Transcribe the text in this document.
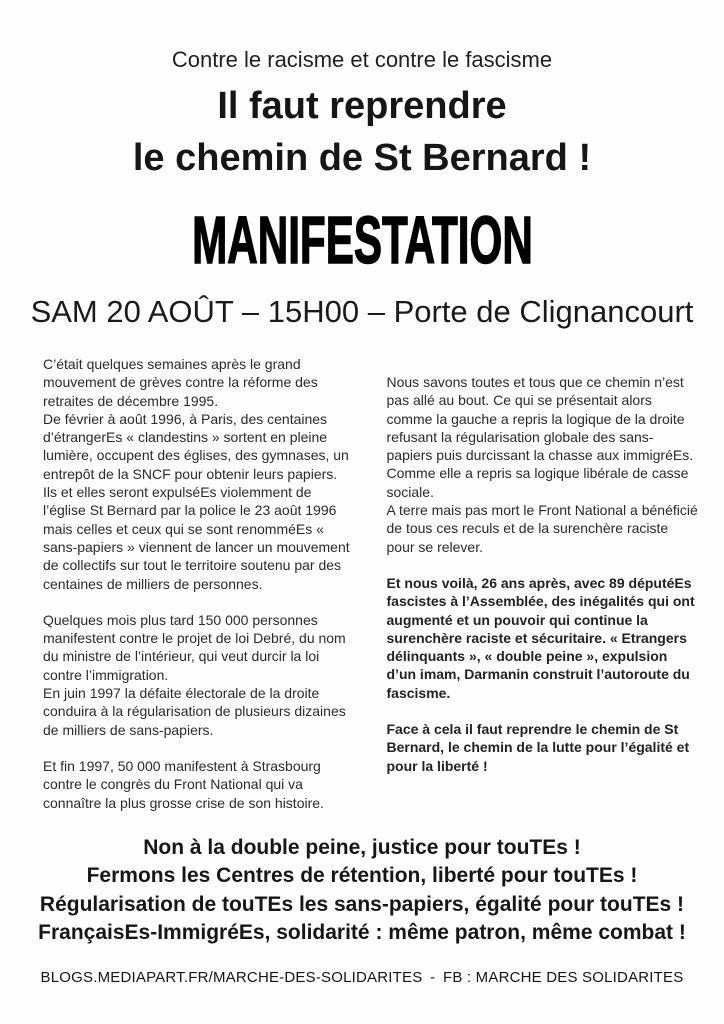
Contre le racisme et contre le fascisme
Il faut reprendre
le chemin de St Bernard !
MANIFESTATION
SAM 20 AOÛT – 15H00 – Porte de Clignancourt
C’était quelques semaines après le grand mouvement de grèves contre la réforme des retraites de décembre 1995.
De février à août 1996, à Paris, des centaines d’étrangerEs « clandestins » sortent en pleine lumière, occupent des églises, des gymnases, un entrepôt de la SNCF pour obtenir leurs papiers.
Ils et elles seront expulséEs violemment de l’église St Bernard par la police le 23 août 1996 mais celles et ceux qui se sont renomméEs « sans-papiers » viennent de lancer un mouvement de collectifs sur tout le territoire soutenu par des centaines de milliers de personnes.
Quelques mois plus tard 150 000 personnes manifestent contre le projet de loi Debré, du nom du ministre de l’intérieur, qui veut durcir la loi contre l’immigration.
En juin 1997 la défaite électorale de la droite conduira à la régularisation de plusieurs dizaines de milliers de sans-papiers.
Et fin 1997, 50 000 manifestent à Strasbourg contre le congrès du Front National qui va connaître la plus grosse crise de son histoire.
Nous savons toutes et tous que ce chemin n’est pas allé au bout. Ce qui se présentait alors comme la gauche a repris la logique de la droite refusant la régularisation globale des sans-papiers puis durcissant la chasse aux immigréEs. Comme elle a repris sa logique libérale de casse sociale.
A terre mais pas mort le Front National a bénéficié de tous ces reculs et de la surenchère raciste pour se relever.
Et nous voilà, 26 ans après, avec 89 députéEs fascistes à l’Assemblée, des inégalités qui ont augmenté et un pouvoir qui continue la surenchère raciste et sécuritaire. « Etrangers délinquants », « double peine », expulsion d’un imam, Darmanin construit l’autoroute du fascisme.
Face à cela il faut reprendre le chemin de St Bernard, le chemin de la lutte pour l’égalité et pour la liberté !
Non à la double peine, justice pour touTEs !
Fermons les Centres de rétention, liberté pour touTEs !
Régularisation de touTEs les sans-papiers, égalité pour touTEs !
FrançaisEs-ImmigréEs, solidarité : même patron, même combat !
BLOGS.MEDIAPART.FR/MARCHE-DES-SOLIDARITES - FB : MARCHE DES SOLIDARITES
